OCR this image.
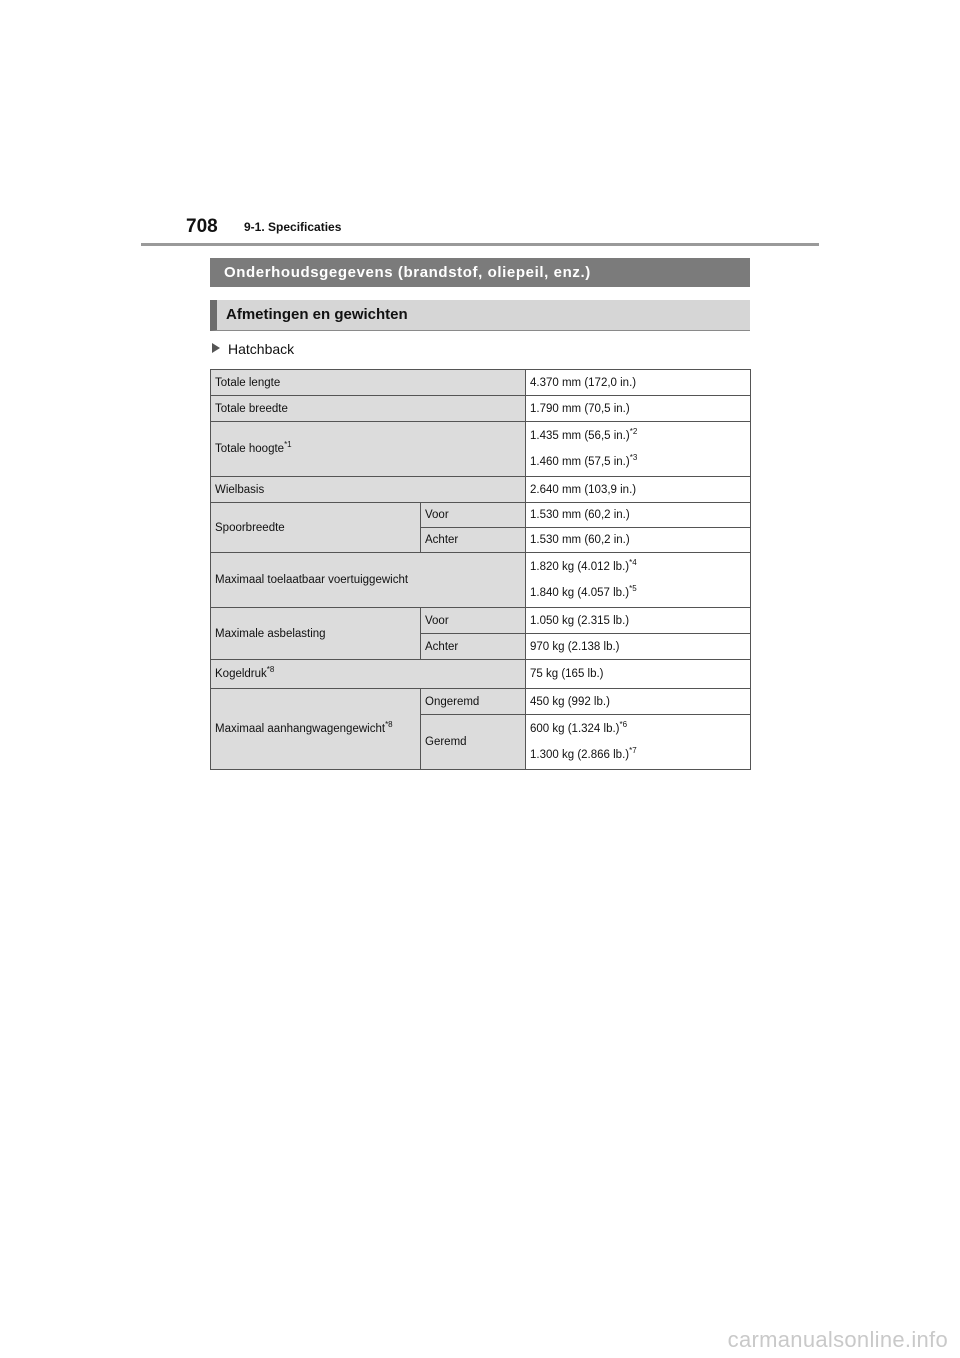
708 9-1. Specificaties
Onderhoudsgegevens (brandstof, oliepeil, enz.)
Afmetingen en gewichten
Hatchback
Totale lengte		4.370 mm (172,0 in.)
Totale breedte		1.790 mm (70,5 in.)
Totale hoogte$^{*1}$		1.435 mm (56,5 in.)$^{*2}$
1.460 mm (57,5 in.)$^{*3}$

Wielbasis		2.640 mm (103,9 in.)
Spoorbreedte	Voor	1.530 mm (60,2 in.)
	Achter	1.530 mm (60,2 in.)
Maximaal toelaatbaar voertuiggewicht		1.820 kg (4.012 lb.)$^{*4}$
1.840 kg (4.057 lb.)$^{*5}$

Maximale asbelasting	Voor	1.050 kg (2.315 lb.)
	Achter	970 kg (2.138 lb.)
Kogeldruk$^{*8}$		75 kg (165 lb.)
Maximaal aanhangwagengewicht$^{*8}$	Ongeremd	450 kg (992 lb.)
	Geremd	600 kg (1.324 lb.)$^{*6}$
1.300 kg (2.866 lb.)$^{*7}$
carmanualsonline.info
